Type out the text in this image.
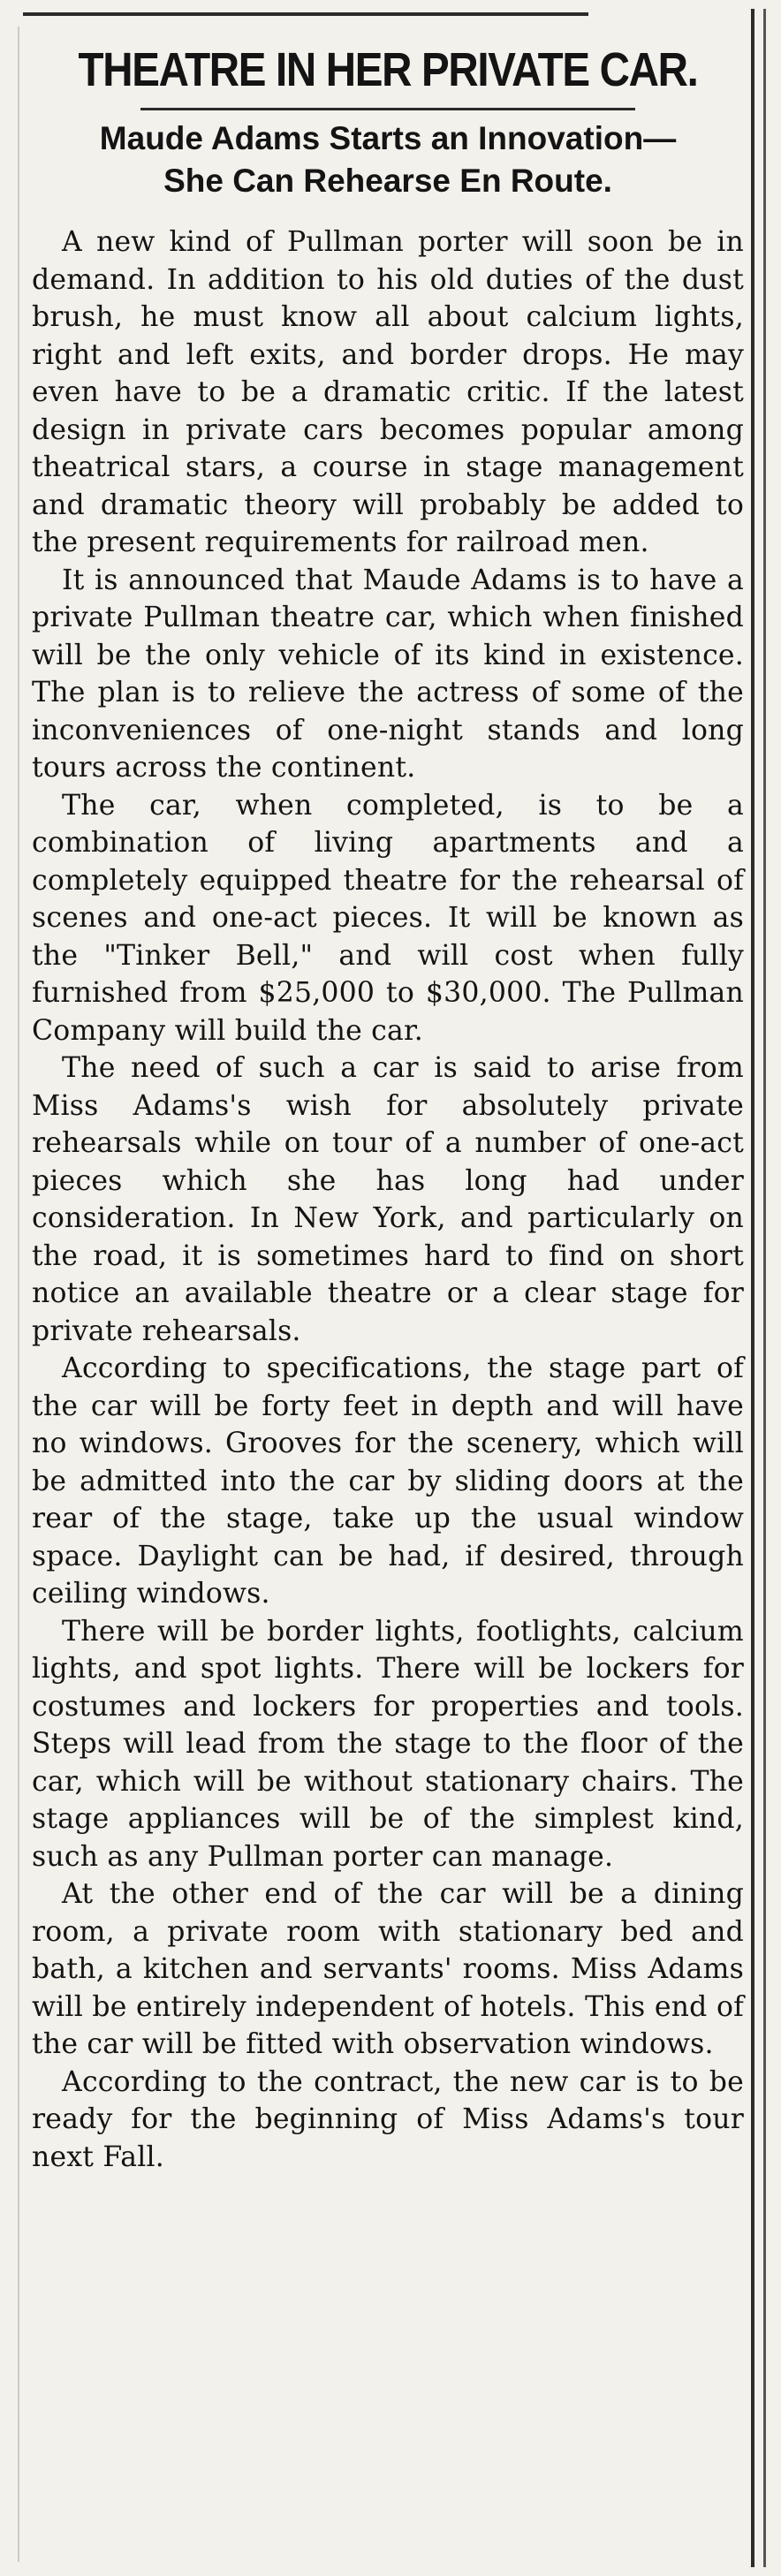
THEATRE IN HER PRIVATE CAR.
Maude Adams Starts an Innovation—
She Can Rehearse En Route.

A new kind of Pullman porter will soon be in demand. In addition to his old duties of the dust brush, he must know all about calcium lights, right and left exits, and border drops. He may even have to be a dramatic critic. If the latest design in private cars becomes popular among theatrical stars, a course in stage management and dramatic theory will probably be added to the present requirements for railroad men.

It is announced that Maude Adams is to have a private Pullman theatre car, which when finished will be the only vehicle of its kind in existence. The plan is to relieve the actress of some of the inconveniences of one-night stands and long tours across the continent.

The car, when completed, is to be a combination of living apartments and a completely equipped theatre for the rehearsal of scenes and one-act pieces. It will be known as the "Tinker Bell," and will cost when fully furnished from $25,000 to $30,000. The Pullman Company will build the car.

The need of such a car is said to arise from Miss Adams's wish for absolutely private rehearsals while on tour of a number of one-act pieces which she has long had under consideration. In New York, and particularly on the road, it is sometimes hard to find on short notice an available theatre or a clear stage for private rehearsals.

According to specifications, the stage part of the car will be forty feet in depth and will have no windows. Grooves for the scenery, which will be admitted into the car by sliding doors at the rear of the stage, take up the usual window space. Daylight can be had, if desired, through ceiling windows.

There will be border lights, footlights, calcium lights, and spot lights. There will be lockers for costumes and lockers for properties and tools. Steps will lead from the stage to the floor of the car, which will be without stationary chairs. The stage appliances will be of the simplest kind, such as any Pullman porter can manage.

At the other end of the car will be a dining room, a private room with stationary bed and bath, a kitchen and servants' rooms. Miss Adams will be entirely independent of hotels. This end of the car will be fitted with observation windows.

According to the contract, the new car is to be ready for the beginning of Miss Adams's tour next Fall.
